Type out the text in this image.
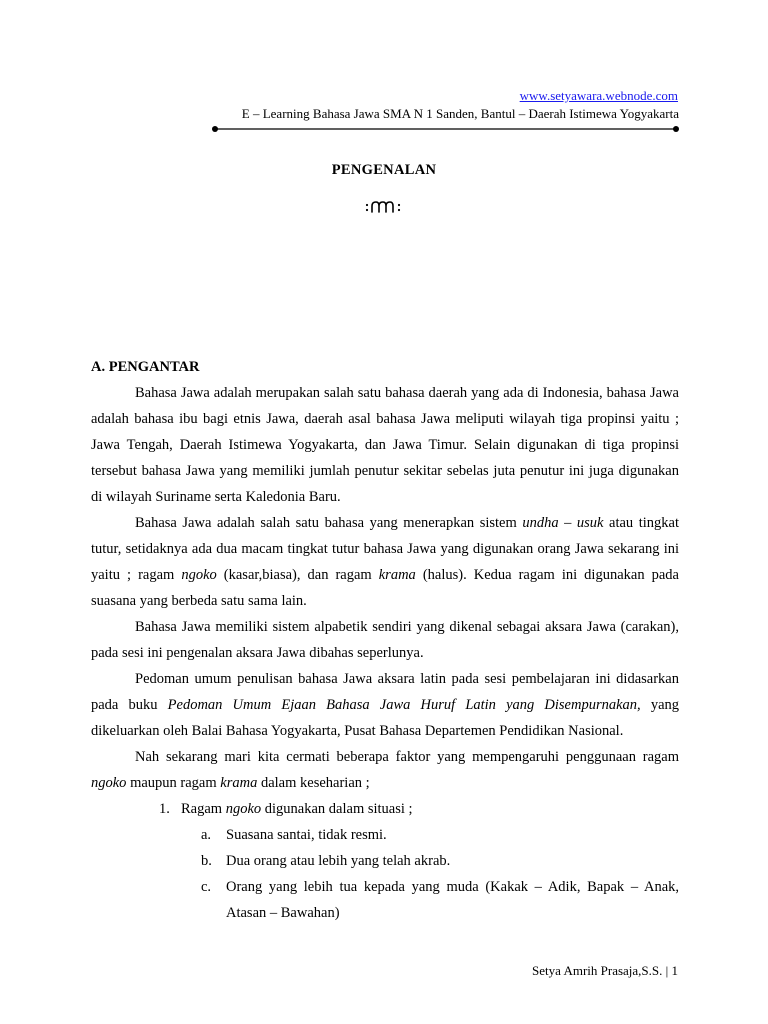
www.setyawara.webnode.com
E – Learning Bahasa Jawa SMA N 1 Sanden, Bantul – Daerah Istimewa Yogyakarta
PENGENALAN
A. PENGANTAR

Bahasa Jawa adalah merupakan salah satu bahasa daerah yang ada di Indonesia, bahasa Jawa adalah bahasa ibu bagi etnis Jawa, daerah asal bahasa Jawa meliputi wilayah tiga propinsi yaitu ; Jawa Tengah, Daerah Istimewa Yogyakarta, dan Jawa Timur. Selain digunakan di tiga propinsi tersebut bahasa Jawa yang memiliki jumlah penutur sekitar sebelas juta penutur ini juga digunakan di wilayah Suriname serta Kaledonia Baru.

Bahasa Jawa adalah salah satu bahasa yang menerapkan sistem undha – usuk atau tingkat tutur, setidaknya ada dua macam tingkat tutur bahasa Jawa yang digunakan orang Jawa sekarang ini yaitu ; ragam ngoko (kasar,biasa), dan ragam krama (halus). Kedua ragam ini digunakan pada suasana yang berbeda satu sama lain.

Bahasa Jawa memiliki sistem alpabetik sendiri yang dikenal sebagai aksara Jawa (carakan), pada sesi ini pengenalan aksara Jawa dibahas seperlunya.

Pedoman umum penulisan bahasa Jawa aksara latin pada sesi pembelajaran ini didasarkan pada buku Pedoman Umum Ejaan Bahasa Jawa Huruf Latin yang Disempurnakan, yang dikeluarkan oleh Balai Bahasa Yogyakarta, Pusat Bahasa Departemen Pendidikan Nasional.

Nah sekarang mari kita cermati beberapa faktor yang mempengaruhi penggunaan ragam ngoko maupun ragam krama dalam keseharian ;

1. Ragam ngoko digunakan dalam situasi ;
a. Suasana santai, tidak resmi.
b. Dua orang atau lebih yang telah akrab.
c. Orang yang lebih tua kepada yang muda (Kakak – Adik, Bapak – Anak, Atasan – Bawahan)
Setya Amrih Prasaja,S.S. | 1
